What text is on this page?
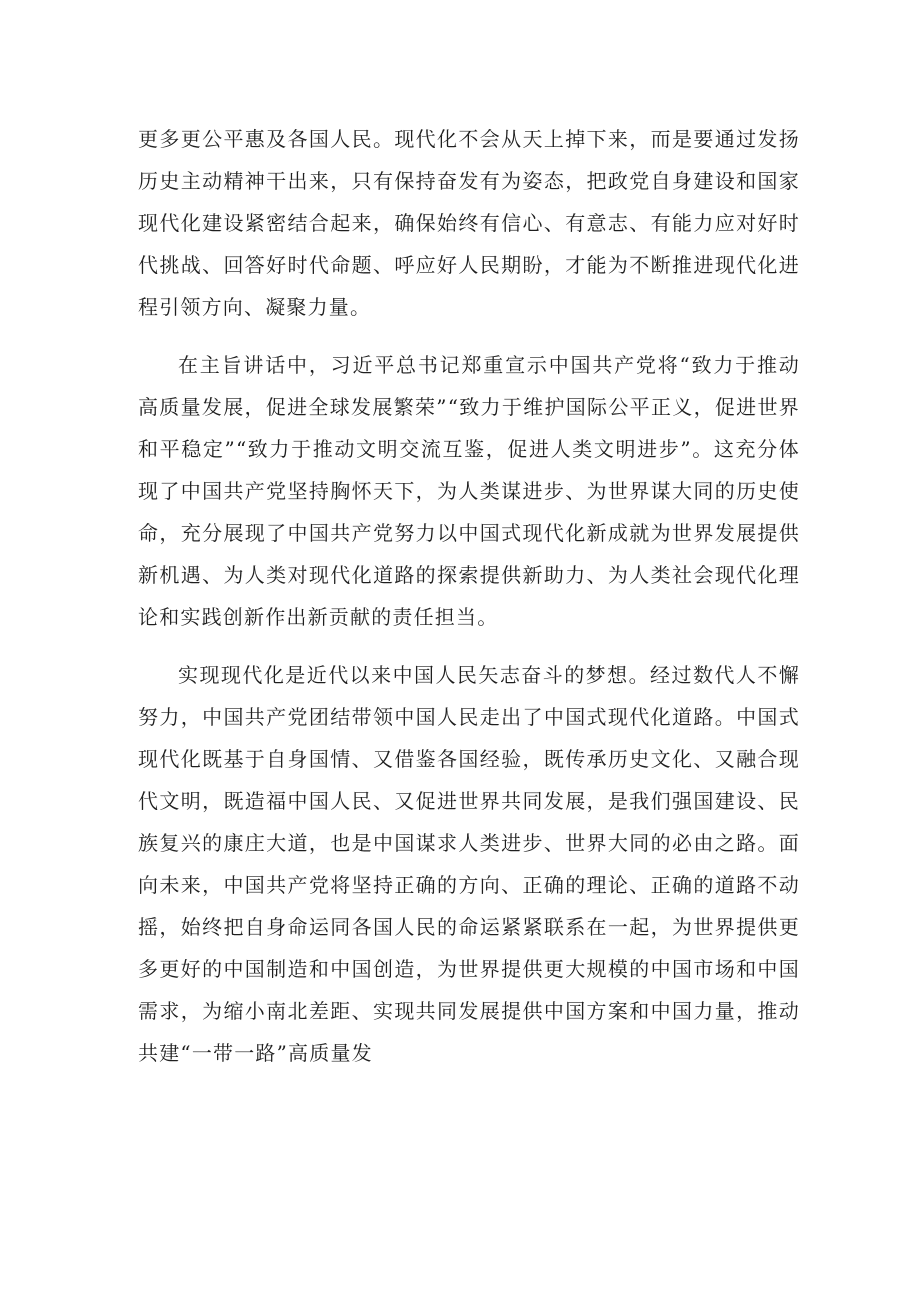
更多更公平惠及各国人民。现代化不会从天上掉下来，而是要通过发扬历史主动精神干出来，只有保持奋发有为姿态，把政党自身建设和国家现代化建设紧密结合起来，确保始终有信心、有意志、有能力应对好时代挑战、回答好时代命题、呼应好人民期盼，才能为不断推进现代化进程引领方向、凝聚力量。

在主旨讲话中，习近平总书记郑重宣示中国共产党将“致力于推动高质量发展，促进全球发展繁荣”“致力于维护国际公平正义，促进世界和平稳定”“致力于推动文明交流互鉴，促进人类文明进步”。这充分体现了中国共产党坚持胸怀天下，为人类谋进步、为世界谋大同的历史使命，充分展现了中国共产党努力以中国式现代化新成就为世界发展提供新机遇、为人类对现代化道路的探索提供新助力、为人类社会现代化理论和实践创新作出新贡献的责任担当。

实现现代化是近代以来中国人民矢志奋斗的梦想。经过数代人不懈努力，中国共产党团结带领中国人民走出了中国式现代化道路。中国式现代化既基于自身国情、又借鉴各国经验，既传承历史文化、又融合现代文明，既造福中国人民、又促进世界共同发展，是我们强国建设、民族复兴的康庄大道，也是中国谋求人类进步、世界大同的必由之路。面向未来，中国共产党将坚持正确的方向、正确的理论、正确的道路不动摇，始终把自身命运同各国人民的命运紧紧联系在一起，为世界提供更多更好的中国制造和中国创造，为世界提供更大规模的中国市场和中国需求，为缩小南北差距、实现共同发展提供中国方案和中国力量，推动共建“一带一路”高质量发
